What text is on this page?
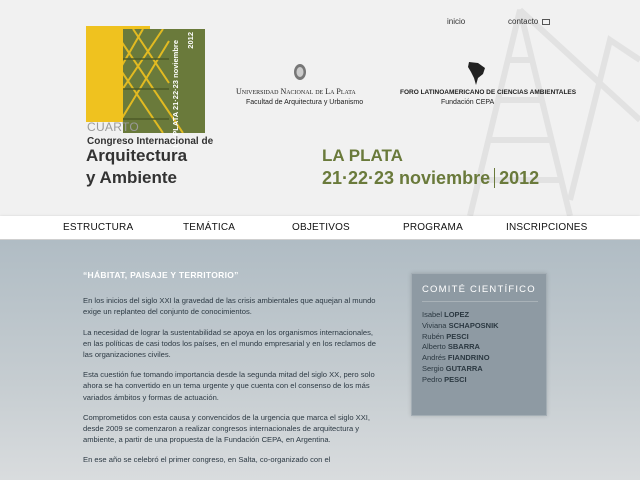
inicio	contacto
LA PLATA 21·22·23 noviembre 2012
CUARTO
Congreso Internacional de
Arquitectura
y Ambiente
Universidad Nacional de La Plata
Facultad de Arquitectura y Urbanismo
FORO LATINOAMERICANO DE CIENCIAS AMBIENTALES
Fundación CEPA
LA PLATA
21·22·23 noviembre 2012
ESTRUCTURA	TEMÁTICA	OBJETIVOS	PROGRAMA	INSCRIPCIONES
“HÁBITAT, PAISAJE Y TERRITORIO”

En los inicios del siglo XXI la gravedad de las crisis ambientales que aquejan al mundo exige un replanteo del conjunto de conocimientos.

La necesidad de lograr la sustentabilidad se apoya en los organismos internacionales, en las políticas de casi todos los países, en el mundo empresarial y en los reclamos de las organizaciones civiles.

Esta cuestión fue tomando importancia desde la segunda mitad del siglo XX, pero solo ahora se ha convertido en un tema urgente y que cuenta con el consenso de los más variados ámbitos y formas de actuación.

Comprometidos con esta causa y convencidos de la urgencia que marca el siglo XXI, desde 2009 se comenzaron a realizar congresos internacionales de arquitectura y ambiente, a partir de una propuesta de la Fundación CEPA, en Argentina.

En ese año se celebró el primer congreso, en Salta, co-organizado con el

COMITÉ CIENTÍFICO
Isabel LOPEZ
Viviana SCHAPOSNIK
Rubén PESCI
Alberto SBARRA
Andrés FIANDRINO
Sergio GUTARRA
Pedro PESCI
